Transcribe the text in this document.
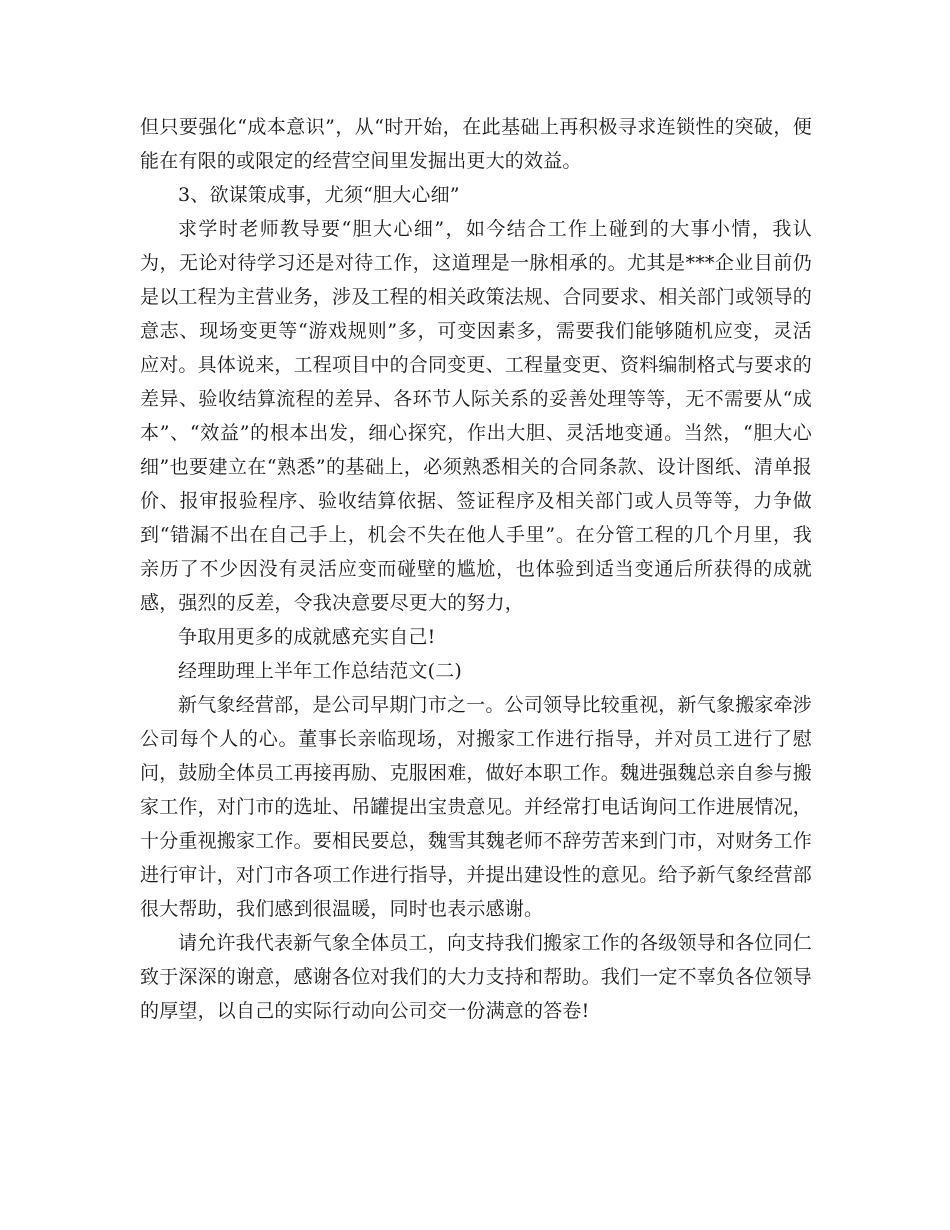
但只要强化“成本意识”，从“时开始，在此基础上再积极寻求连锁性的突破，便能在有限的或限定的经营空间里发掘出更大的效益。

3、欲谋策成事，尤须“胆大心细”

求学时老师教导要“胆大心细”，如今结合工作上碰到的大事小情，我认为，无论对待学习还是对待工作，这道理是一脉相承的。尤其是***企业目前仍是以工程为主营业务，涉及工程的相关政策法规、合同要求、相关部门或领导的意志、现场变更等“游戏规则”多，可变因素多，需要我们能够随机应变，灵活应对。具体说来，工程项目中的合同变更、工程量变更、资料编制格式与要求的差异、验收结算流程的差异、各环节人际关系的妥善处理等等，无不需要从“成本”、“效益”的根本出发，细心探究，作出大胆、灵活地变通。当然，“胆大心细”也要建立在“熟悉”的基础上，必须熟悉相关的合同条款、设计图纸、清单报价、报审报验程序、验收结算依据、签证程序及相关部门或人员等等，力争做到“错漏不出在自己手上，机会不失在他人手里”。在分管工程的几个月里，我亲历了不少因没有灵活应变而碰壁的尴尬，也体验到适当变通后所获得的成就感，强烈的反差，令我决意要尽更大的努力，

争取用更多的成就感充实自己!

经理助理上半年工作总结范文(二)

新气象经营部，是公司早期门市之一。公司领导比较重视，新气象搬家牵涉公司每个人的心。董事长亲临现场，对搬家工作进行指导，并对员工进行了慰问，鼓励全体员工再接再励、克服困难，做好本职工作。魏进强魏总亲自参与搬家工作，对门市的选址、吊罐提出宝贵意见。并经常打电话询问工作进展情况，十分重视搬家工作。要相民要总，魏雪其魏老师不辞劳苦来到门市，对财务工作进行审计，对门市各项工作进行指导，并提出建设性的意见。给予新气象经营部很大帮助，我们感到很温暖，同时也表示感谢。

请允许我代表新气象全体员工，向支持我们搬家工作的各级领导和各位同仁致于深深的谢意，感谢各位对我们的大力支持和帮助。我们一定不辜负各位领导的厚望，以自己的实际行动向公司交一份满意的答卷!
